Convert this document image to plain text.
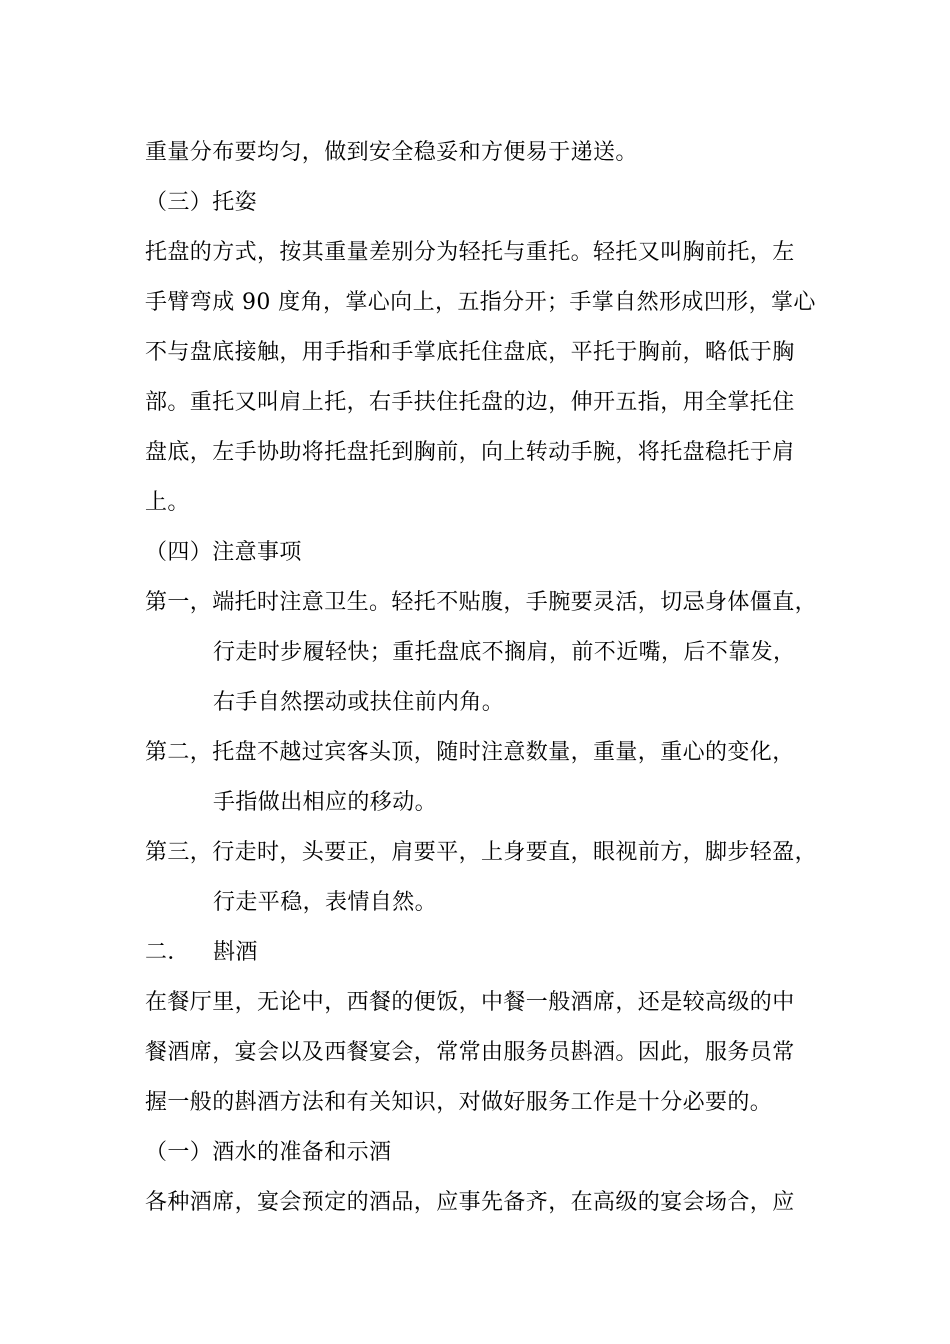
重量分布要均匀，做到安全稳妥和方便易于递送。
（三）托姿
托盘的方式，按其重量差别分为轻托与重托。轻托又叫胸前托，左
手臂弯成 90 度角，掌心向上，五指分开；手掌自然形成凹形，掌心
不与盘底接触，用手指和手掌底托住盘底，平托于胸前，略低于胸
部。重托又叫肩上托，右手扶住托盘的边，伸开五指，用全掌托住
盘底，左手协助将托盘托到胸前，向上转动手腕，将托盘稳托于肩
上。
（四）注意事项
第一，端托时注意卫生。轻托不贴腹，手腕要灵活，切忌身体僵直，
行走时步履轻快；重托盘底不搁肩，前不近嘴，后不靠发，
右手自然摆动或扶住前内角。
第二，托盘不越过宾客头顶，随时注意数量，重量，重心的变化，
手指做出相应的移动。
第三，行走时，头要正，肩要平，上身要直，眼视前方，脚步轻盈，
行走平稳，表情自然。
二． 斟酒
在餐厅里，无论中，西餐的便饭，中餐一般酒席，还是较高级的中
餐酒席，宴会以及西餐宴会，常常由服务员斟酒。因此，服务员常
握一般的斟酒方法和有关知识，对做好服务工作是十分必要的。
（一）酒水的准备和示酒
各种酒席，宴会预定的酒品，应事先备齐，在高级的宴会场合，应
